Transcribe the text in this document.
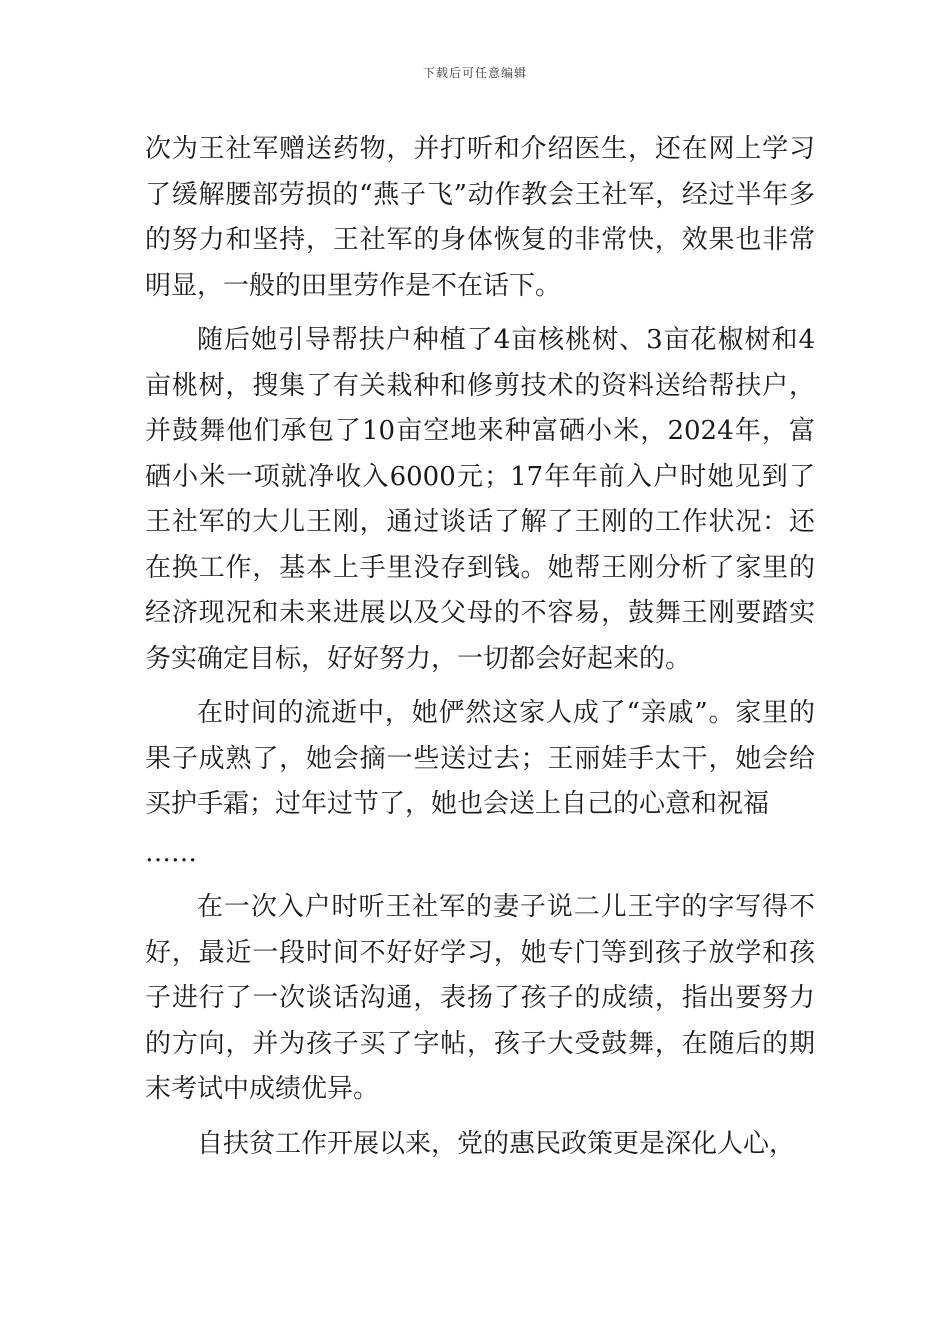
下载后可任意编辑

次为王社军赠送药物，并打听和介绍医生，还在网上学习了缓解腰部劳损的“燕子飞”动作教会王社军，经过半年多的努力和坚持，王社军的身体恢复的非常快，效果也非常明显，一般的田里劳作是不在话下。

随后她引导帮扶户种植了4亩核桃树、3亩花椒树和4亩桃树，搜集了有关栽种和修剪技术的资料送给帮扶户，并鼓舞他们承包了10亩空地来种富硒小米，2024年，富硒小米一项就净收入6000元；17年年前入户时她见到了王社军的大儿王刚，通过谈话了解了王刚的工作状况：还在换工作，基本上手里没存到钱。她帮王刚分析了家里的经济现况和未来进展以及父母的不容易，鼓舞王刚要踏实务实确定目标，好好努力，一切都会好起来的。

在时间的流逝中，她俨然这家人成了“亲戚”。家里的果子成熟了，她会摘一些送过去；王丽娃手太干，她会给买护手霜；过年过节了，她也会送上自己的心意和祝福

……

在一次入户时听王社军的妻子说二儿王宇的字写得不好，最近一段时间不好好学习，她专门等到孩子放学和孩子进行了一次谈话沟通，表扬了孩子的成绩，指出要努力的方向，并为孩子买了字帖，孩子大受鼓舞，在随后的期末考试中成绩优异。

自扶贫工作开展以来，党的惠民政策更是深化人心，
